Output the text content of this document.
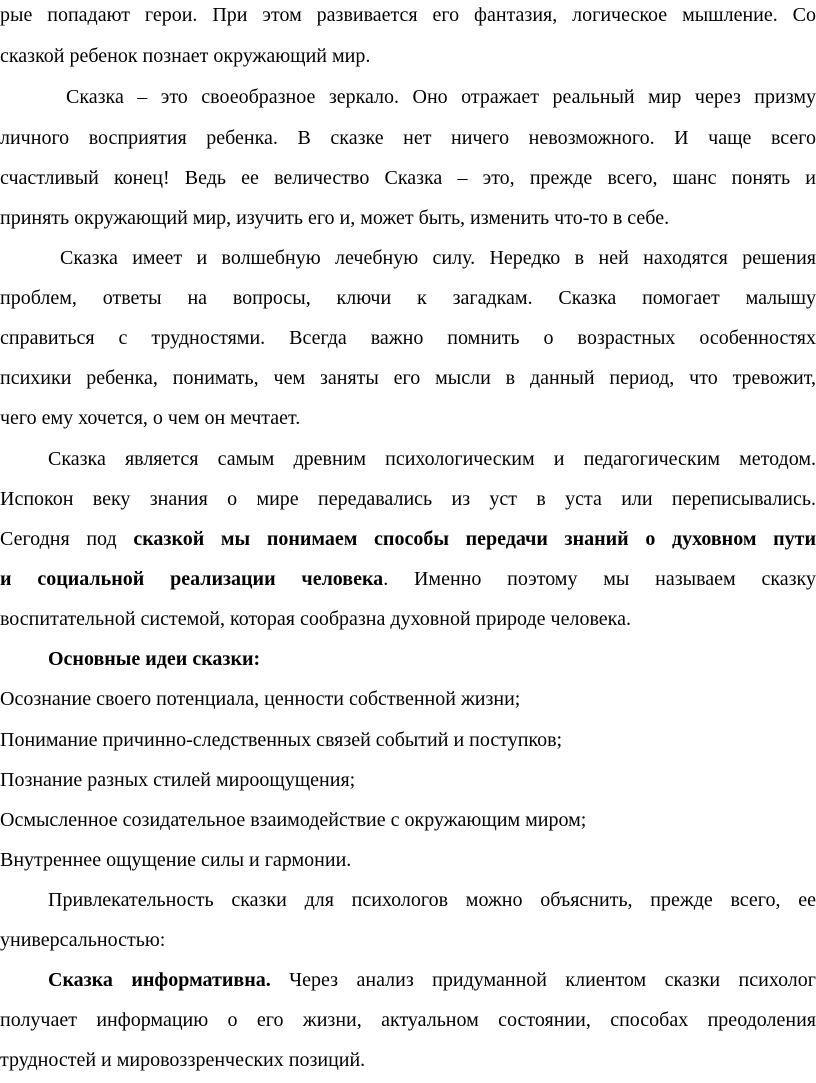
рые попадают герои. При этом развивается его фантазия, логическое мышление. Со
сказкой ребенок познает окружающий мир.
Сказка – это своеобразное зеркало. Оно отражает реальный мир через призму
личного восприятия ребенка. В сказке нет ничего невозможного. И чаще всего
счастливый конец! Ведь ее величество Сказка – это, прежде всего, шанс понять и
принять окружающий мир, изучить его и, может быть, изменить что-то в себе.
Сказка имеет и волшебную лечебную силу. Нередко в ней находятся решения
проблем, ответы на вопросы, ключи к загадкам. Сказка помогает малышу
справиться с трудностями. Всегда важно помнить о возрастных особенностях
психики ребенка, понимать, чем заняты его мысли в данный период, что тревожит,
чего ему хочется, о чем он мечтает.
Сказка является самым древним психологическим и педагогическим методом.
Испокон веку знания о мире передавались из уст в уста или переписывались.
Сегодня под сказкой мы понимаем способы передачи знаний о духовном пути
и социальной реализации человека. Именно поэтому мы называем сказку
воспитательной системой, которая сообразна духовной природе человека.
Основные идеи сказки:
Осознание своего потенциала, ценности собственной жизни;
Понимание причинно-следственных связей событий и поступков;
Познание разных стилей мироощущения;
Осмысленное созидательное взаимодействие с окружающим миром;
Внутреннее ощущение силы и гармонии.
Привлекательность сказки для психологов можно объяснить, прежде всего, ее
универсальностью:
Сказка информативна. Через анализ придуманной клиентом сказки психолог
получает информацию о его жизни, актуальном состоянии, способах преодоления
трудностей и мировоззренческих позиций.
